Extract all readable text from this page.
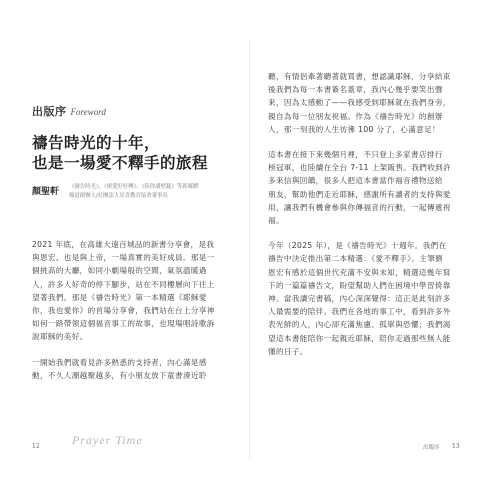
出版序 Foreword
禱告時光的十年，
也是一場愛不釋手的旅程
顏聖軒 《禱告時光》、《療愛好好轉》、《陪你講壁鎚》等新媒體
頻道創辦人/社團法人景喜教育協會董事長

2021 年底，在高雄大遠百城品的新書分享會，是我
與恩宏、也是與上帝，一場真實的美好成員。那是一
個挑高的大廳，如同小劇場般的空間，氣氛溫暖過
人，許多人好奇的停下腳步，站在不同樓層向下往上
望著我們。那是《禱告時光》第一本精選《耶穌愛
你，我也愛你》的首場分享會，我們站在台上分享神
如何一路帶領這個福音事工的故事，也現場唱詩歌訴
說耶穌的美好。

一開始我們就看見許多熟悉的支持者，內心滿是感
動，不久人潮越聚越多，有小朋友放下童書湊近聆

12	Prayer Time

聽，有情侶牽著聽著就買書，想認識耶穌，分享結束
後我們為每一本書簽名蓋章，我內心幾乎要笑出聲
來，因為太感動了——我感受到耶穌就在我們身旁，
親自為每一位朋友祝福。作為《禱告時光》的創辦
人，那一刻我的人生彷彿 100 分了，心滿意足！

這本書在接下來幾個月裡，不只登上多家書店排行
榜冠軍，也陸續在全台 7-11 上架販售。我們收到許
多來信與回饋，很多人把這本書當作福音禮物送給
朋友，幫助他們走近耶穌，感謝所有讀者的支持與愛
用，讓我們有機會參與你傳福音的行動，一起傳遞祝
福。

今年（2025 年），是《禱告時光》十週年。我們在
禱告中決定推出第二本精選：《愛不釋手》。主筆劉
恩宏有感於這個世代充滿不安與未知，精選這幾年寫
下的一篇篇禱告文，盼望幫助人們在困境中學習倚靠
神。當我讀完書稿，內心深深覺得：這正是此刻許多
人最需要的陪伴。我們在各地的事工中，看到許多外
表光鮮的人，內心卻充滿焦慮、孤單與恐懼；我們渴
望這本書能陪你一起親近耶穌，陪你走過那些無人能
懂的日子。

出版序 13
